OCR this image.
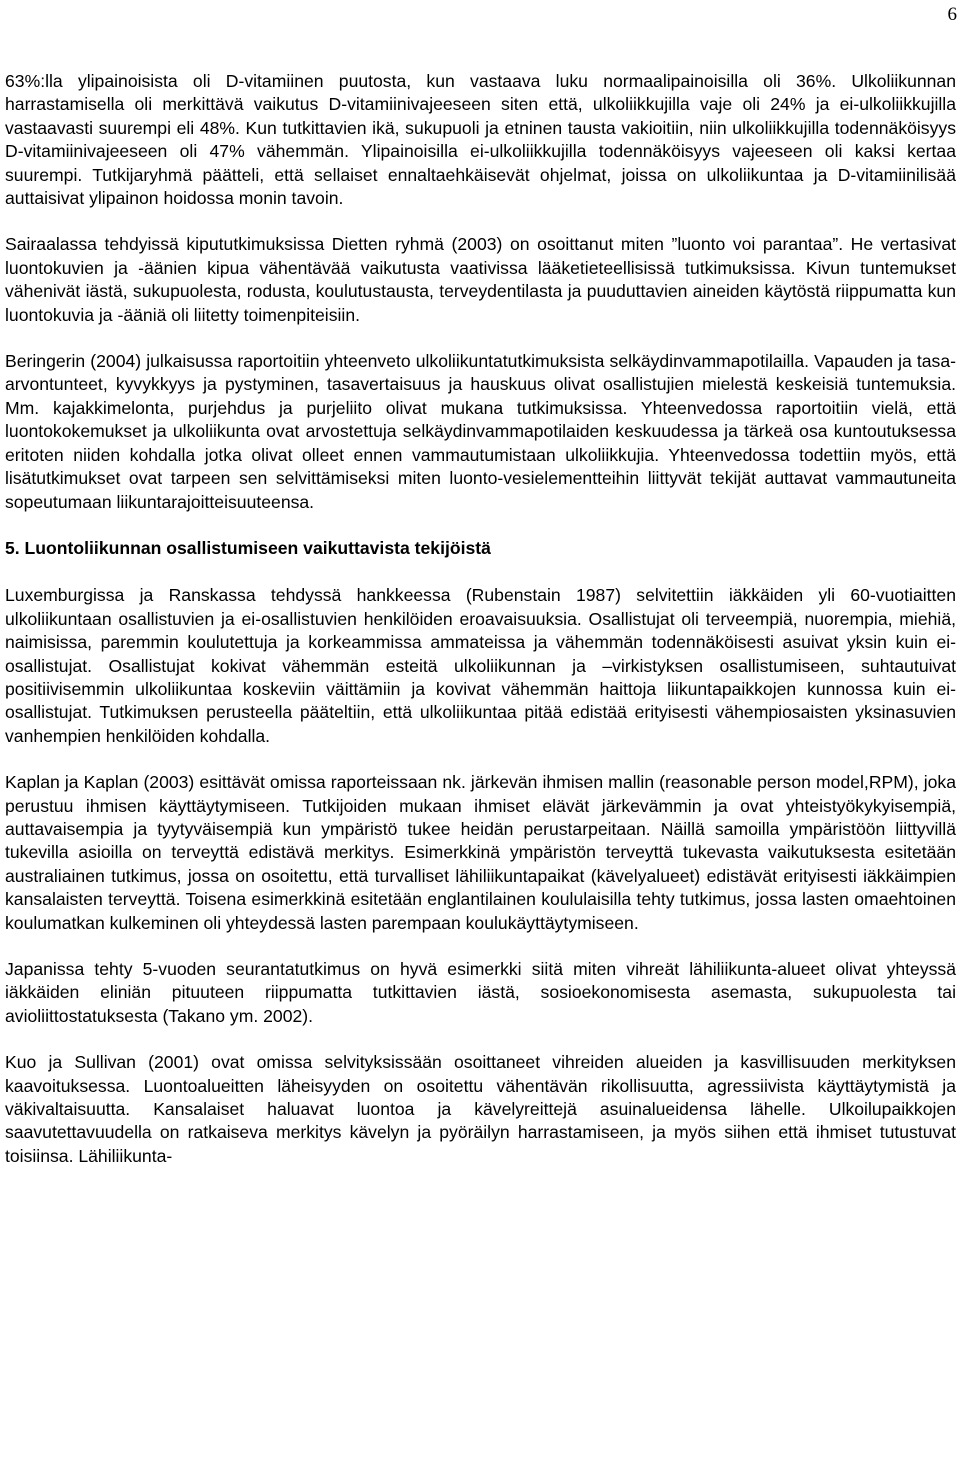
6

63%:lla ylipainoisista oli D-vitamiinen puutosta, kun vastaava luku normaalipainoisilla oli 36%. Ulkoliikunnan harrastamisella oli merkittävä vaikutus D-vitamiinivajeeseen siten että, ulkoliikkujilla vaje oli 24% ja ei-ulkoliikkujilla vastaavasti suurempi eli 48%. Kun tutkittavien ikä, sukupuoli ja etninen tausta vakioitiin, niin ulkoliikkujilla todennäköisyys D-vitamiinivajeeseen oli 47% vähemmän. Ylipainoisilla ei-ulkoliikkujilla todennäköisyys vajeeseen oli kaksi kertaa suurempi. Tutkijaryhmä päätteli, että sellaiset ennaltaehkäisevät ohjelmat, joissa on ulkoliikuntaa ja D-vitamiinilisää auttaisivat ylipainon hoidossa monin tavoin.

Sairaalassa tehdyissä kipututkimuksissa Dietten ryhmä (2003) on osoittanut miten ”luonto voi parantaa”. He vertasivat luontokuvien ja -äänien kipua vähentävää vaikutusta vaativissa lääketieteellisissä tutkimuksissa. Kivun tuntemukset vähenivät iästä, sukupuolesta, rodusta, koulutustausta, terveydentilasta ja puuduttavien aineiden käytöstä riippumatta kun luontokuvia ja -ääniä oli liitetty toimenpiteisiin.

Beringerin (2004) julkaisussa raportoitiin yhteenveto ulkoliikuntatutkimuksista selkäydinvammapotilailla. Vapauden ja tasa-arvontunteet, kyvykkyys ja pystyminen, tasavertaisuus ja hauskuus olivat osallistujien mielestä keskeisiä tuntemuksia. Mm. kajakkimelonta, purjehdus ja purjeliito olivat mukana tutkimuksissa. Yhteenvedossa raportoitiin vielä, että luontokokemukset ja ulkoliikunta ovat arvostettuja selkäydinvammapotilaiden keskuudessa ja tärkeä osa kuntoutuksessa eritoten niiden kohdalla jotka olivat olleet ennen vammautumistaan ulkoliikkujia. Yhteenvedossa todettiin myös, että lisätutkimukset ovat tarpeen sen selvittämiseksi miten luonto-vesielementteihin liittyvät tekijät auttavat vammautuneita sopeutumaan liikuntarajoitteisuuteensa.

5. Luontoliikunnan osallistumiseen vaikuttavista tekijöistä

Luxemburgissa ja Ranskassa tehdyssä hankkeessa (Rubenstain 1987) selvitettiin iäkkäiden yli 60-vuotiaitten ulkoliikuntaan osallistuvien ja ei-osallistuvien henkilöiden eroavaisuuksia. Osallistujat oli terveempiä, nuorempia, miehiä, naimisissa, paremmin koulutettuja ja korkeammissa ammateissa ja vähemmän todennäköisesti asuivat yksin kuin ei-osallistujat. Osallistujat kokivat vähemmän esteitä ulkoliikunnan ja –virkistyksen osallistumiseen, suhtautuivat positiivisemmin ulkoliikuntaa koskeviin väittämiin ja kovivat vähemmän haittoja liikuntapaikkojen kunnossa kuin ei-osallistujat. Tutkimuksen perusteella pääteltiin, että ulkoliikuntaa pitää edistää erityisesti vähempiosaisten yksinasuvien vanhempien henkilöiden kohdalla.

Kaplan ja Kaplan (2003) esittävät omissa raporteissaan nk. järkevän ihmisen mallin (reasonable person model,RPM), joka perustuu ihmisen käyttäytymiseen. Tutkijoiden mukaan ihmiset elävät järkevämmin ja ovat yhteistyökykyisempiä, auttavaisempia ja tyytyväisempiä kun ympäristö tukee heidän perustarpeitaan. Näillä samoilla ympäristöön liittyvillä tukevilla asioilla on terveyttä edistävä merkitys. Esimerkkinä ympäristön terveyttä tukevasta vaikutuksesta esitetään australiainen tutkimus, jossa on osoitettu, että turvalliset lähiliikuntapaikat (kävelyalueet) edistävät erityisesti iäkkäimpien kansalaisten terveyttä. Toisena esimerkkinä esitetään englantilainen koululaisilla tehty tutkimus, jossa lasten omaehtoinen koulumatkan kulkeminen oli yhteydessä lasten parempaan koulukäyttäytymiseen.

Japanissa tehty 5-vuoden seurantatutkimus on hyvä esimerkki siitä miten vihreät lähiliikunta-alueet olivat yhteyssä iäkkäiden eliniän pituuteen riippumatta tutkittavien iästä, sosioekonomisesta asemasta, sukupuolesta tai avioliittostatuksesta (Takano ym. 2002).

Kuo ja Sullivan (2001) ovat omissa selvityksissään osoittaneet vihreiden alueiden ja kasvillisuuden merkityksen kaavoituksessa. Luontoalueitten läheisyyden on osoitettu vähentävän rikollisuutta, agressiivista käyttäytymistä ja väkivaltaisuutta. Kansalaiset haluavat luontoa ja kävelyreittejä asuinalueidensa lähelle. Ulkoilupaikkojen saavutettavuudella on ratkaiseva merkitys kävelyn ja pyöräilyn harrastamiseen, ja myös siihen että ihmiset tutustuvat toisiinsa. Lähiliikunta-
